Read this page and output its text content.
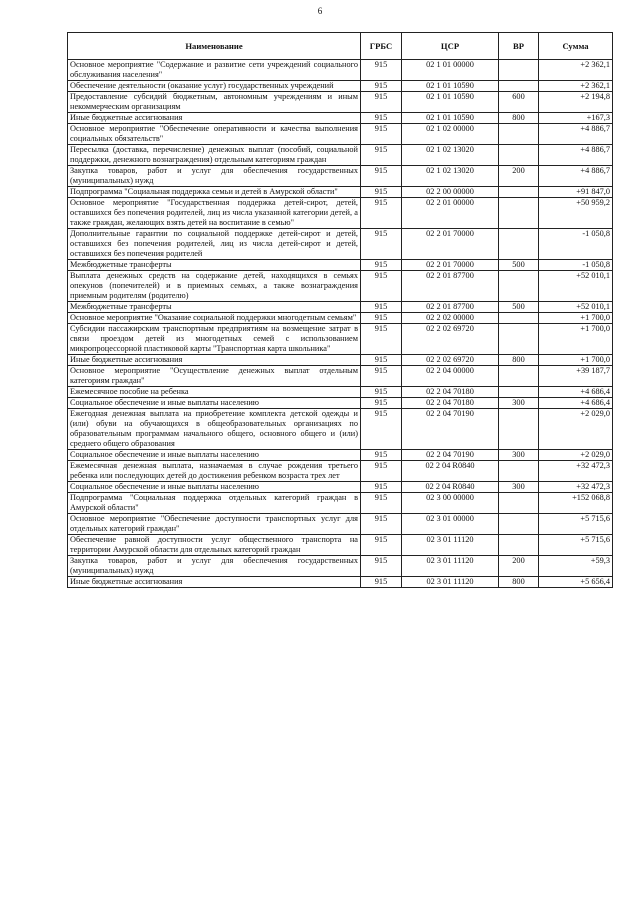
6
Наименование	ГРБС	ЦСР	ВР	Сумма
Основное мероприятие "Содержание и развитие сети учреждений социального обслуживания населения"	915	02 1 01 00000		+2 362,1
Обеспечение деятельности (оказание услуг) государственных учреждений	915	02 1 01 10590		+2 362,1
Предоставление субсидий бюджетным, автономным учреждениям и иным некоммерческим организациям	915	02 1 01 10590	600	+2 194,8
Иные бюджетные ассигнования	915	02 1 01 10590	800	+167,3
Основное мероприятие "Обеспечение оперативности и качества выполнения социальных обязательств"	915	02 1 02 00000		+4 886,7
Пересылка (доставка, перечисление) денежных выплат (пособий, социальной поддержки, денежного вознаграждения) отдельным категориям граждан	915	02 1 02 13020		+4 886,7
Закупка товаров, работ и услуг для обеспечения государственных (муниципальных) нужд	915	02 1 02 13020	200	+4 886,7
Подпрограмма "Социальная поддержка семьи и детей в Амурской области"	915	02 2 00 00000		+91 847,0
Основное мероприятие "Государственная поддержка детей-сирот, детей, оставшихся без попечения родителей, лиц из числа указанной категории детей, а также граждан, желающих взять детей на воспитание в семью"	915	02 2 01 00000		+50 959,2
Дополнительные гарантии по социальной поддержке детей-сирот и детей, оставшихся без попечения родителей, лиц из числа детей-сирот и детей, оставшихся без попечения родителей	915	02 2 01 70000		-1 050,8
Межбюджетные трансферты	915	02 2 01 70000	500	-1 050,8
Выплата денежных средств на содержание детей, находящихся в семьях опекунов (попечителей) и в приемных семьях, а также вознаграждения приемным родителям (родителю)	915	02 2 01 87700		+52 010,1
Межбюджетные трансферты	915	02 2 01 87700	500	+52 010,1
Основное мероприятие "Оказание социальной поддержки многодетным семьям"	915	02 2 02 00000		+1 700,0
Субсидии пассажирским транспортным предприятиям на возмещение затрат в связи проездом детей из многодетных семей с использованием микропроцессорной пластиковой карты "Транспортная карта школьника"	915	02 2 02 69720		+1 700,0
Иные бюджетные ассигнования	915	02 2 02 69720	800	+1 700,0
Основное мероприятие "Осуществление денежных выплат отдельным категориям граждан"	915	02 2 04 00000		+39 187,7
Ежемесячное пособие на ребенка	915	02 2 04 70180		+4 686,4
Социальное обеспечение и иные выплаты населению	915	02 2 04 70180	300	+4 686,4
Ежегодная денежная выплата на приобретение комплекта детской одежды и (или) обуви на обучающихся в общеобразовательных организациях по образовательным программам начального общего, основного общего и (или) среднего общего образования	915	02 2 04 70190		+2 029,0
Социальное обеспечение и иные выплаты населению	915	02 2 04 70190	300	+2 029,0
Ежемесячная денежная выплата, назначаемая в случае рождения третьего ребенка или последующих детей до достижения ребенком возраста трех лет	915	02 2 04 R0840		+32 472,3
Социальное обеспечение и иные выплаты населению	915	02 2 04 R0840	300	+32 472,3
Подпрограмма "Социальная поддержка отдельных категорий граждан в Амурской области"	915	02 3 00 00000		+152 068,8
Основное мероприятие "Обеспечение доступности транспортных услуг для отдельных категорий граждан"	915	02 3 01 00000		+5 715,6
Обеспечение равной доступности услуг общественного транспорта на территории Амурской области для отдельных категорий граждан	915	02 3 01 11120		+5 715,6
Закупка товаров, работ и услуг для обеспечения государственных (муниципальных) нужд	915	02 3 01 11120	200	+59,3
Иные бюджетные ассигнования	915	02 3 01 11120	800	+5 656,4
